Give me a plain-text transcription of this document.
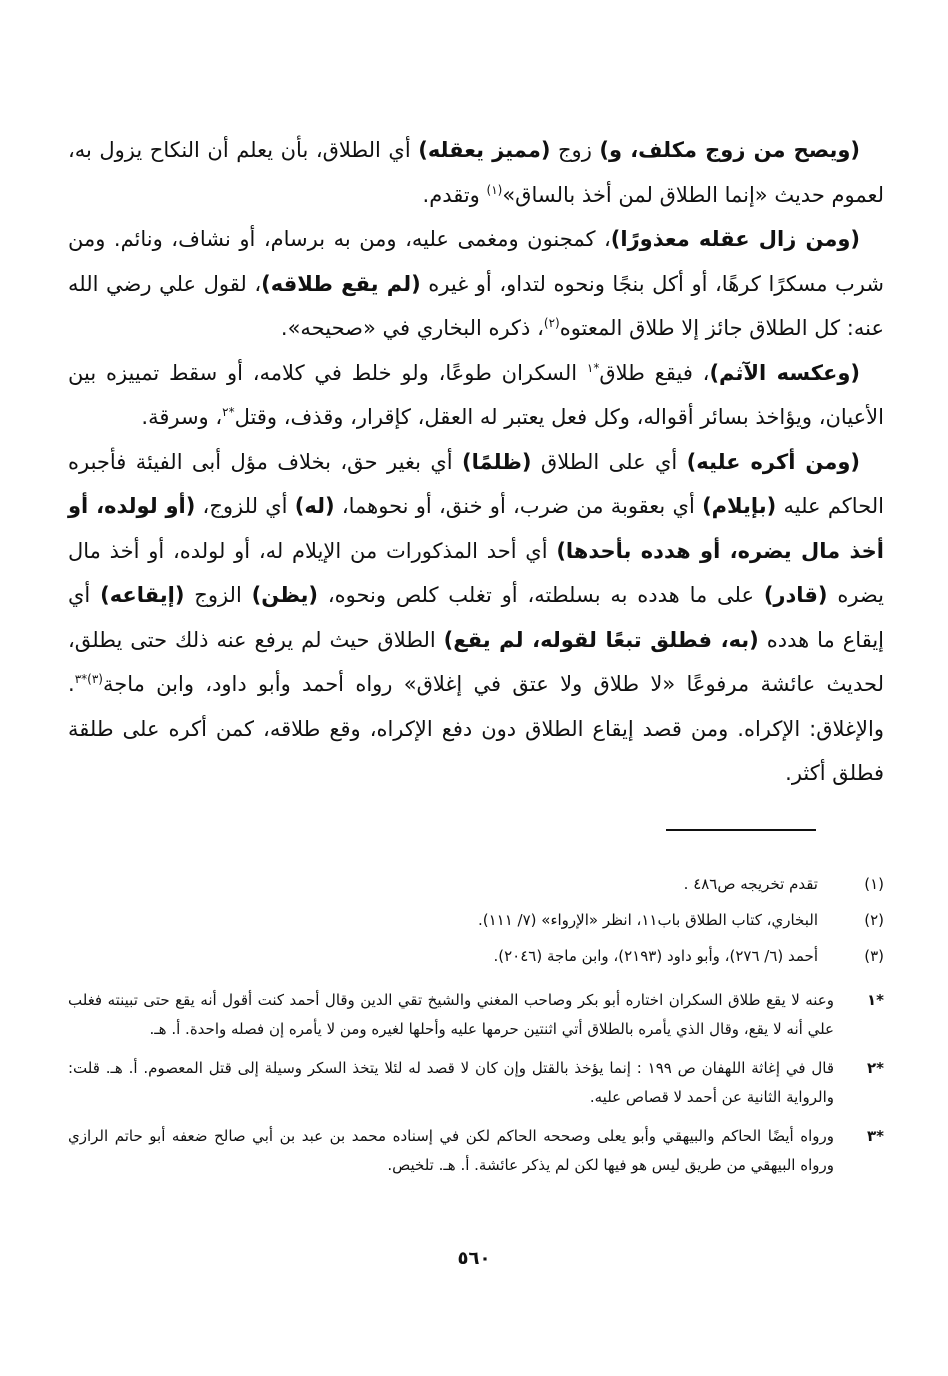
(ويصح من زوج مكلف، و) زوج (مميز يعقله) أي الطلاق، بأن يعلم أن النكاح يزول به، لعموم حديث «إنما الطلاق لمن أخذ بالساق»$^{(١)}$ وتقدم.

(ومن زال عقله معذورًا)، كمجنون ومغمى عليه، ومن به برسام، أو نشاف، ونائم. ومن شرب مسكرًا كرهًا، أو أكل بنجًا ونحوه لتداو، أو غيره (لم يقع طلاقه)، لقول علي رضي الله عنه: كل الطلاق جائز إلا طلاق المعتوه$^{(٢)}$، ذكره البخاري في «صحيحه».

(وعكسه الآثم)، فيقع طلاق$^{*١}$ السكران طوعًا، ولو خلط في كلامه، أو سقط تمييزه بين الأعيان، ويؤاخذ بسائر أقواله، وكل فعل يعتبر له العقل، كإقرار، وقذف، وقتل$^{*٢}$، وسرقة.

(ومن أكره عليه) أي على الطلاق (ظلمًا) أي بغير حق، بخلاف مؤل أبى الفيئة فأجبره الحاكم عليه (بإيلام) أي بعقوبة من ضرب، أو خنق، أو نحوهما، (له) أي للزوج، (أو لولده، أو أخذ مال يضره، أو هدده بأحدها) أي أحد المذكورات من الإيلام له، أو لولده، أو أخذ مال يضره (قادر) على ما هدده به بسلطته، أو تغلب كلص ونحوه، (يظن) الزوج (إيقاعه) أي إيقاع ما هدده (به، فطلق تبعًا لقوله، لم يقع) الطلاق حيث لم يرفع عنه ذلك حتى يطلق، لحديث عائشة مرفوعًا «لا طلاق ولا عتق في إغلاق» رواه أحمد وأبو داود، وابن ماجة$^{(٣)*٣}$. والإغلاق: الإكراه. ومن قصد إيقاع الطلاق دون دفع الإكراه، وقع طلاقه، كمن أكره على طلقة فطلق أكثر.

(١)
تقدم تخريجه ص٤٨٦ .
(٢)
البخاري، كتاب الطلاق باب١١، انظر «الإرواء» (٧/ ١١١).
(٣)
أحمد (٦/ ٢٧٦)، وأبو داود (٢١٩٣)، وابن ماجة (٢٠٤٦).
*١
وعنه لا يقع طلاق السكران اختاره أبو بكر وصاحب المغني والشيخ تقي الدين وقال أحمد كنت أقول أنه يقع حتى تبينته فغلب علي أنه لا يقع، وقال الذي يأمره بالطلاق أتي اثنتين حرمها عليه وأحلها لغيره ومن لا يأمره إن فصله واحدة. أ. هـ.
*٢
قال في إغاثة اللهفان ص ١٩٩ : إنما يؤخذ بالقتل وإن كان لا قصد له لئلا يتخذ السكر وسيلة إلى قتل المعصوم. أ. هـ. قلت: والرواية الثانية عن أحمد لا قصاص عليه.
*٣
ورواه أيضًا الحاكم والبيهقي وأبو يعلى وصححه الحاكم لكن في إسناده محمد بن عبد بن أبي صالح ضعفه أبو حاتم الرازي ورواه البيهقي من طريق ليس هو فيها لكن لم يذكر عائشة. أ. هـ. تلخيص.
٥٦٠
